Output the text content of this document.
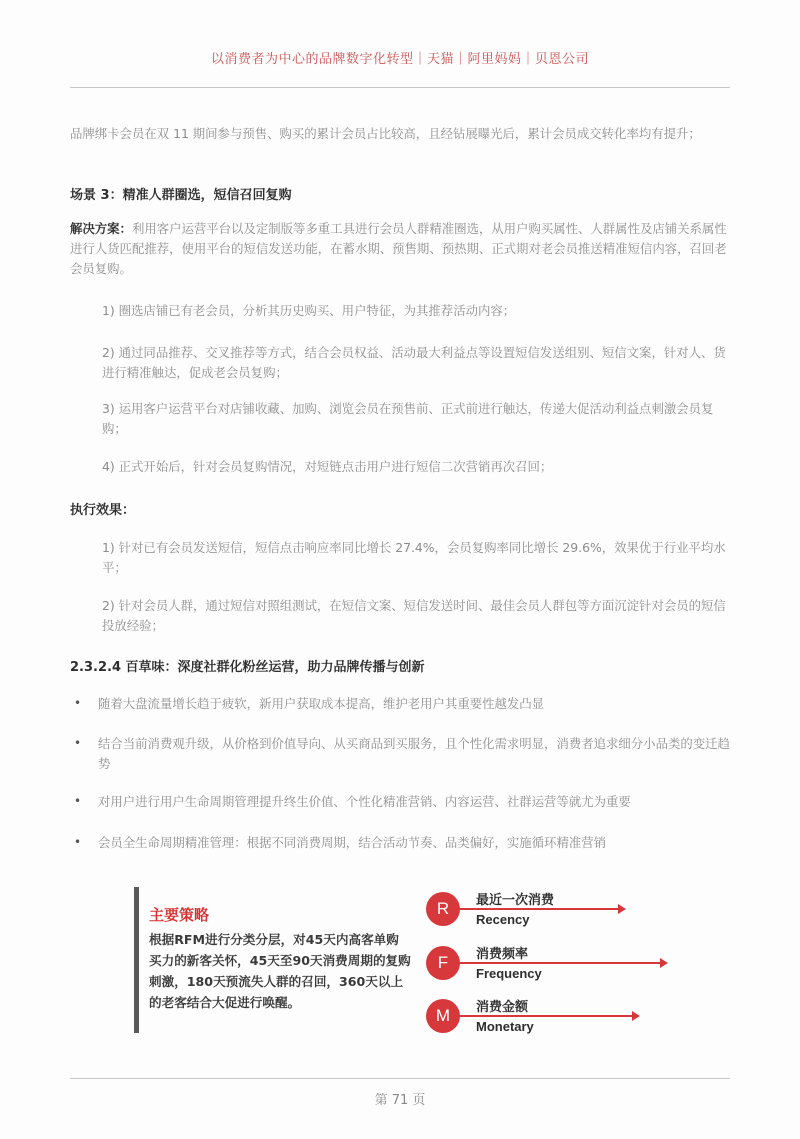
以消费者为中心的品牌数字化转型｜天猫｜阿里妈妈｜贝恩公司
品牌绑卡会员在双 11 期间参与预售、购买的累计会员占比较高，且经钻展曝光后，累计会员成交转化率均有提升；
场景 3：精准人群圈选，短信召回复购
解决方案：利用客户运营平台以及定制版等多重工具进行会员人群精准圈选，从用户购买属性、人群属性及店铺关系属性进行人货匹配推荐，使用平台的短信发送功能，在蓄水期、预售期、预热期、正式期对老会员推送精准短信内容，召回老会员复购。
1) 圈选店铺已有老会员，分析其历史购买、用户特征，为其推荐活动内容；
2) 通过同品推荐、交叉推荐等方式，结合会员权益、活动最大利益点等设置短信发送组别、短信文案，针对人、货进行精准触达，促成老会员复购；
3) 运用客户运营平台对店铺收藏、加购、浏览会员在预售前、正式前进行触达，传递大促活动利益点刺激会员复购；
4) 正式开始后，针对会员复购情况，对短链点击用户进行短信二次营销再次召回；
执行效果：
1) 针对已有会员发送短信，短信点击响应率同比增长 27.4%，会员复购率同比增长 29.6%，效果优于行业平均水平；
2) 针对会员人群，通过短信对照组测试，在短信文案、短信发送时间、最佳会员人群包等方面沉淀针对会员的短信投放经验；
2.3.2.4 百草味：深度社群化粉丝运营，助力品牌传播与创新
• 随着大盘流量增长趋于疲软，新用户获取成本提高，维护老用户其重要性越发凸显
• 结合当前消费观升级，从价格到价值导向、从买商品到买服务，且个性化需求明显，消费者追求细分小品类的变迁趋势
• 对用户进行用户生命周期管理提升终生价值、个性化精准营销、内容运营、社群运营等就尤为重要
• 会员全生命周期精准管理：根据不同消费周期，结合活动节奏、品类偏好，实施循环精准营销
主要策略
根据RFM进行分类分层，对45天内高客单购买力的新客关怀，45天至90天消费周期的复购刺激，180天预流失人群的召回，360天以上的老客结合大促进行唤醒。
R	最近一次消费
Recency
F	消费频率
Frequency
M	消费金额
Monetary
第 71 页
